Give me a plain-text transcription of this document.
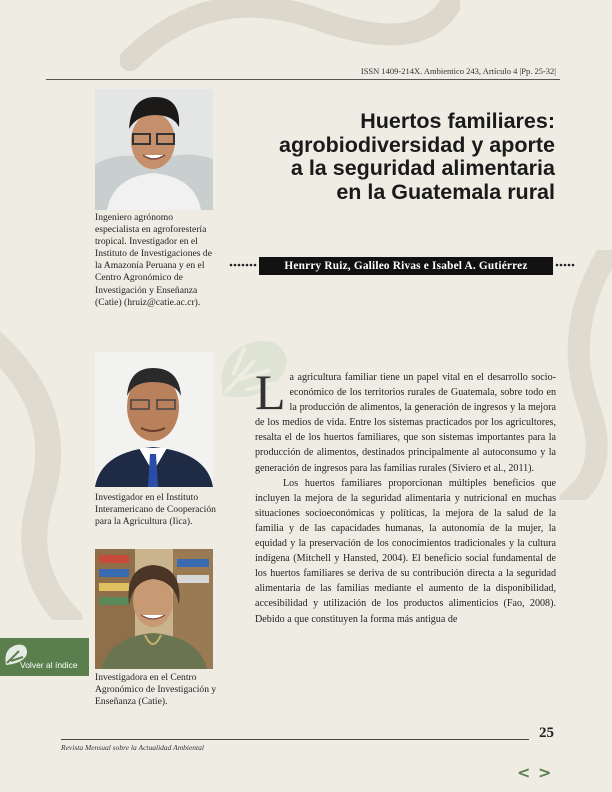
ISSN 1409-214X. Ambientico 243, Artículo 4 |Pp. 25-32|
Ingeniero agrónomo especialista en agroforestería tropical. Investigador en el Instituto de Investigaciones de la Amazonía Peruana y en el Centro Agronómico de Investigación y Enseñanza (Catie) (hruiz@catie.ac.cr).
Investigador en el Instituto Interamericano de Cooperación para la Agricultura (Iica).
Investigadora en el Centro Agronómico de Investigación y Enseñanza (Catie).
Huertos familiares:
agrobiodiversidad y aporte
a la seguridad alimentaria
en la Guatemala rural
Henrry Ruiz, Galileo Rivas e Isabel A. Gutiérrez

La agricultura familiar tiene un papel vital en el desarrollo socio-económico de los territorios rurales de Guatemala, sobre todo en la producción de alimentos, la generación de ingresos y la mejora de los medios de vida. Entre los sistemas practicados por los agricultores, resalta el de los huertos familiares, que son sistemas importantes para la producción de alimentos, destinados principalmente al autoconsumo y la generación de ingresos para las familias rurales (Siviero et al., 2011).

Los huertos familiares proporcionan múltiples beneficios que incluyen la mejora de la seguridad alimentaria y nutricional en muchas situaciones socioeconómicas y políticas, la mejora de la salud de la familia y de las capacidades humanas, la autonomía de la mujer, la equidad y la preservación de los conocimientos tradicionales y la cultura indígena (Mitchell y Hansted, 2004). El beneficio social fundamental de los huertos familiares se deriva de su contribución directa a la seguridad alimentaria de las familias mediante el aumento de la disponibilidad, accesibilidad y utilización de los productos alimenticios (Fao, 2008). Debido a que constituyen la forma más antigua de

Volver al índice
25
Revista Mensual sobre la Actualidad Ambiental
< >
